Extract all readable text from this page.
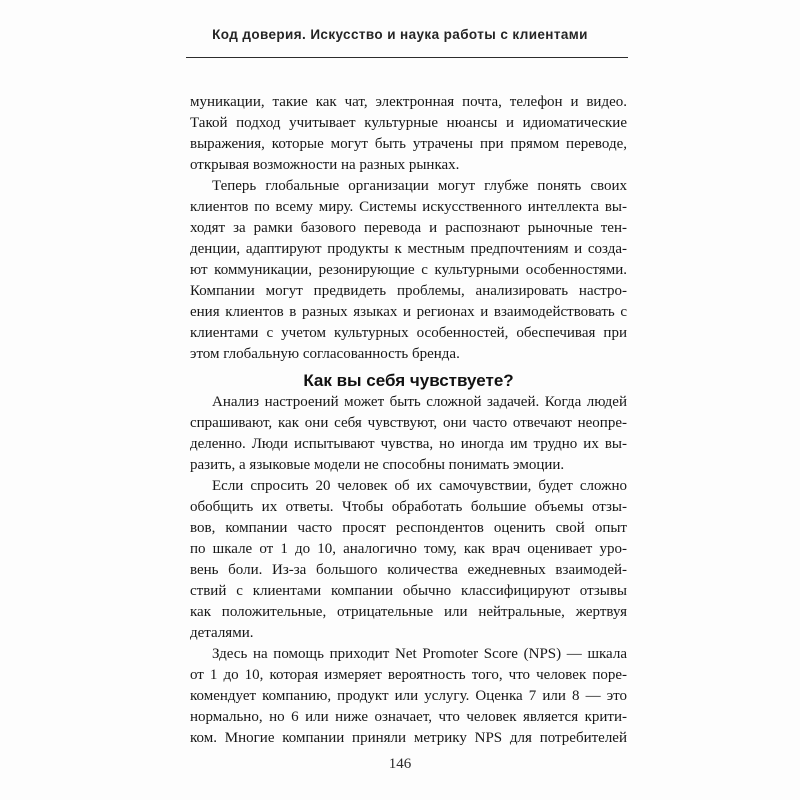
Код доверия. Искусство и наука работы с клиентами
муникации, такие как чат, электронная почта, телефон и видео.
Такой подход учитывает культурные нюансы и идиоматические
выражения, которые могут быть утрачены при прямом переводе,
открывая возможности на разных рынках.
Теперь глобальные организации могут глубже понять своих
клиентов по всему миру. Системы искусственного интеллекта вы-
ходят за рамки базового перевода и распознают рыночные тен-
денции, адаптируют продукты к местным предпочтениям и созда-
ют коммуникации, резонирующие с культурными особенностями.
Компании могут предвидеть проблемы, анализировать настро-
ения клиентов в разных языках и регионах и взаимодействовать с
клиентами с учетом культурных особенностей, обеспечивая при
этом глобальную согласованность бренда.
Как вы себя чувствуете?
Анализ настроений может быть сложной задачей. Когда людей
спрашивают, как они себя чувствуют, они часто отвечают неопре-
деленно. Люди испытывают чувства, но иногда им трудно их вы-
разить, а языковые модели не способны понимать эмоции.
Если спросить 20 человек об их самочувствии, будет сложно
обобщить их ответы. Чтобы обработать большие объемы отзы-
вов, компании часто просят респондентов оценить свой опыт
по шкале от 1 до 10, аналогично тому, как врач оценивает уро-
вень боли. Из-за большого количества ежедневных взаимодей-
ствий с клиентами компании обычно классифицируют отзывы
как положительные, отрицательные или нейтральные, жертвуя
деталями.
Здесь на помощь приходит Net Promoter Score (NPS) — шкала
от 1 до 10, которая измеряет вероятность того, что человек поре-
комендует компанию, продукт или услугу. Оценка 7 или 8 — это
нормально, но 6 или ниже означает, что человек является крити-
ком. Многие компании приняли метрику NPS для потребителей
146
